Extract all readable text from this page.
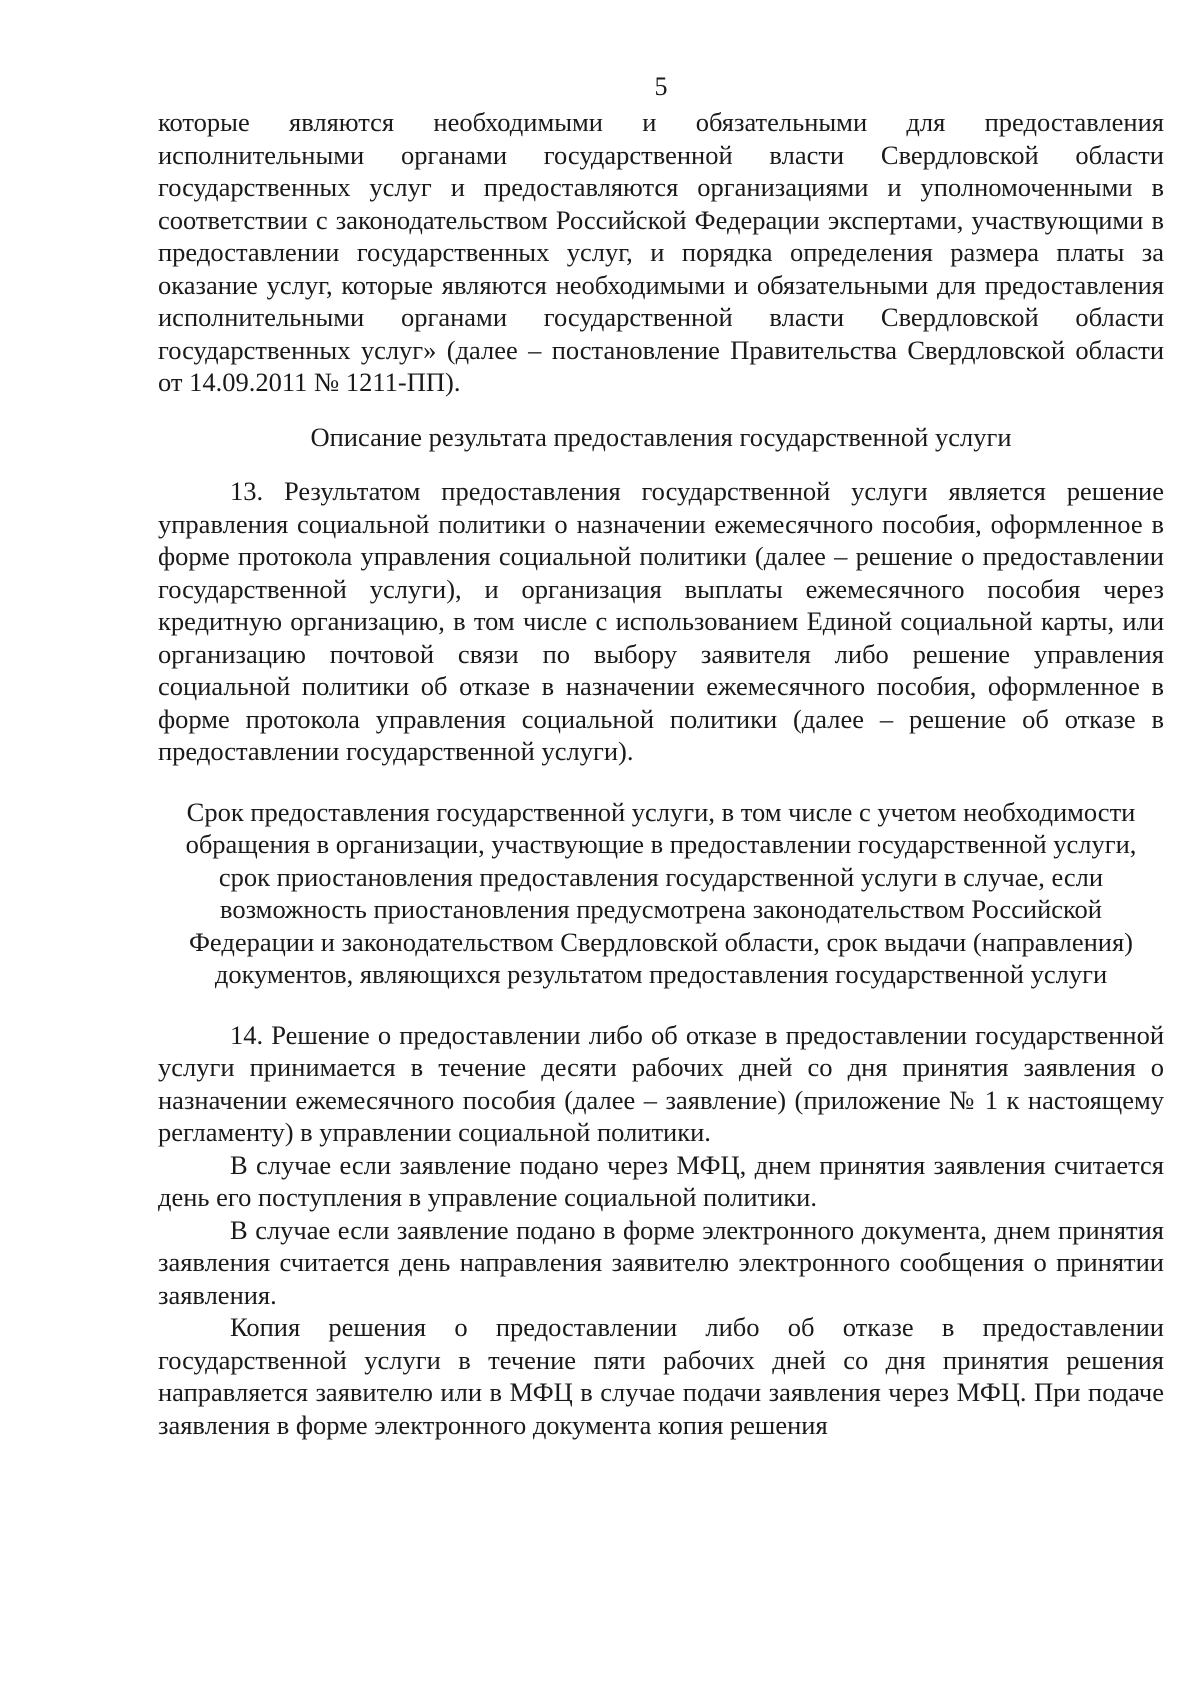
5

которые являются необходимыми и обязательными для предоставления исполнительными органами государственной власти Свердловской области государственных услуг и предоставляются организациями и уполномоченными в соответствии с законодательством Российской Федерации экспертами, участвующими в предоставлении государственных услуг, и порядка определения размера платы за оказание услуг, которые являются необходимыми и обязательными для предоставления исполнительными органами государственной власти Свердловской области государственных услуг» (далее – постановление Правительства Свердловской области от 14.09.2011 № 1211-ПП).

Описание результата предоставления государственной услуги

13. Результатом предоставления государственной услуги является решение управления социальной политики о назначении ежемесячного пособия, оформленное в форме протокола управления социальной политики (далее – решение о предоставлении государственной услуги), и организация выплаты ежемесячного пособия через кредитную организацию, в том числе с использованием Единой социальной карты, или организацию почтовой связи по выбору заявителя либо решение управления социальной политики об отказе в назначении ежемесячного пособия, оформленное в форме протокола управления социальной политики (далее – решение об отказе в предоставлении государственной услуги).

Срок предоставления государственной услуги, в том числе с учетом необходимости обращения в организации, участвующие в предоставлении государственной услуги, срок приостановления предоставления государственной услуги в случае, если возможность приостановления предусмотрена законодательством Российской Федерации и законодательством Свердловской области, срок выдачи (направления) документов, являющихся результатом предоставления государственной услуги

14. Решение о предоставлении либо об отказе в предоставлении государственной услуги принимается в течение десяти рабочих дней со дня принятия заявления о назначении ежемесячного пособия (далее – заявление) (приложение № 1 к настоящему регламенту) в управлении социальной политики.

В случае если заявление подано через МФЦ, днем принятия заявления считается день его поступления в управление социальной политики.

В случае если заявление подано в форме электронного документа, днем принятия заявления считается день направления заявителю электронного сообщения о принятии заявления.

Копия решения о предоставлении либо об отказе в предоставлении государственной услуги в течение пяти рабочих дней со дня принятия решения направляется заявителю или в МФЦ в случае подачи заявления через МФЦ. При подаче заявления в форме электронного документа копия решения
